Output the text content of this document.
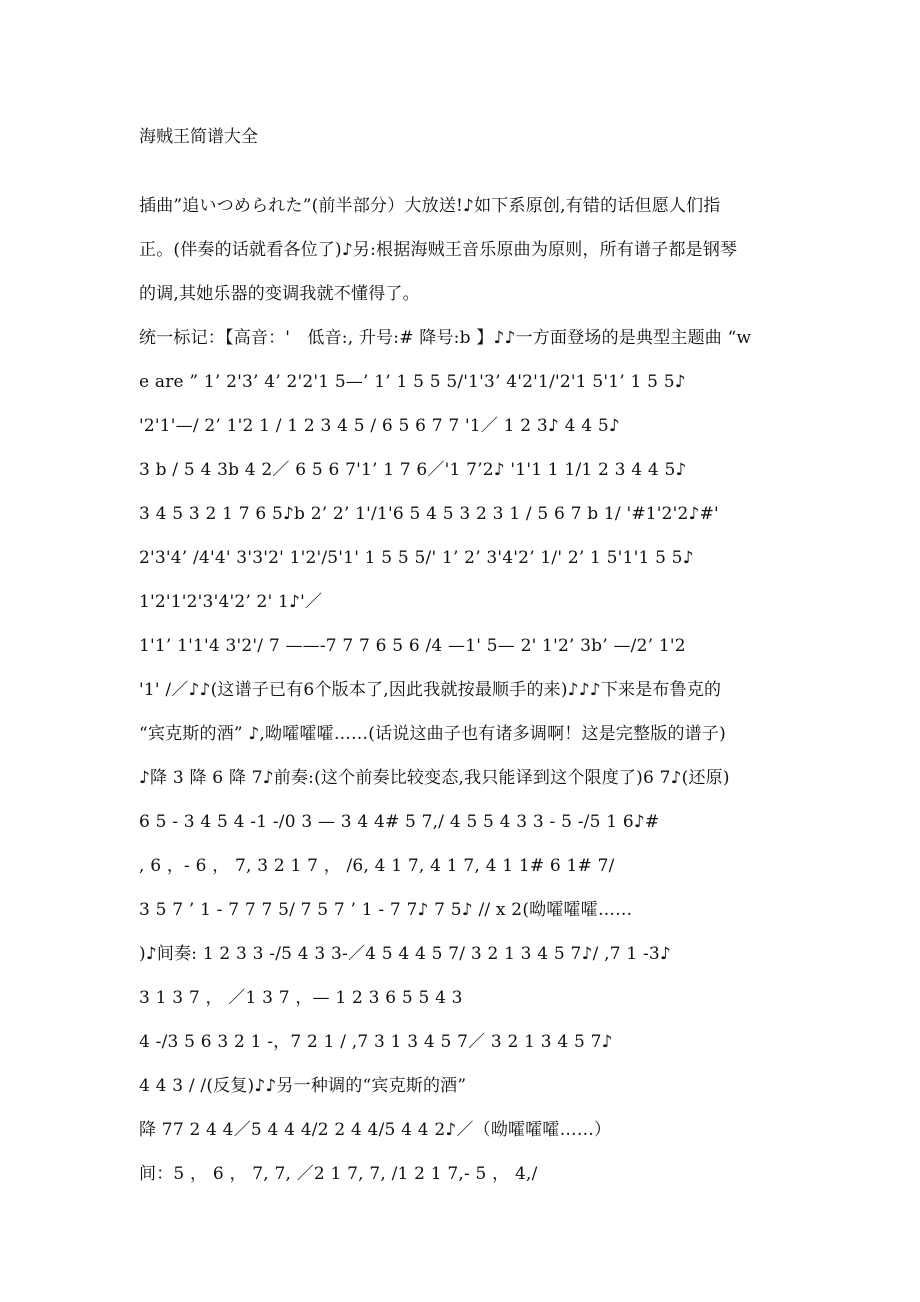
海贼王简谱大全
插曲”追いつめられた”(前半部分）大放送!♪如下系原创,有错的话但愿人们指
正。(伴奏的话就看各位了)♪另:根据海贼王音乐原曲为原则，所有谱子都是钢琴
的调,其她乐器的变调我就不懂得了。
统一标记：【高音：'　低音:, 升号:# 降号:b 】♪♪一方面登场的是典型主题曲 “w
e are ” 1’ 2'3’ 4’ 2'2'1 5—’ 1’ 1 5 5 5/'1'3’ 4'2'1/'2'1 5'1’ 1 5 5♪
'2'1'—/ 2’ 1'2 1 / 1 2 3 4 5 / 6 5 6 7 7 '1／ 1 2 3♪ 4 4 5♪
3 b / 5 4 3b 4 2／ 6 5 6 7'1’ 1 7 6／'1 7’2♪ '1'1 1 1/1 2 3 4 4 5♪
3 4 5 3 2 1 7 6 5♪b 2’ 2’ 1'/1'6 5 4 5 3 2 3 1 / 5 6 7 b 1/ '#1'2'2♪#'
2'3'4’ /4'4' 3'3'2' 1'2'/5'1' 1 5 5 5/' 1’ 2’ 3'4'2’ 1/' 2’ 1 5'1'1 5 5♪
1'2'1'2'3'4'2’ 2' 1♪'／
1'1’ 1'1'4 3'2'/ 7 ——-7 7 7 6 5 6 /4 —1' 5— 2' 1'2’ 3b’ —/2’ 1'2
'1' /／♪♪(这谱子已有6个版本了,因此我就按最顺手的来)♪♪♪下来是布鲁克的
“宾克斯的酒” ♪,呦嚯嚯嚯……(话说这曲子也有诸多调啊！这是完整版的谱子)
♪降 3 降 6 降 7♪前奏:(这个前奏比较变态,我只能译到这个限度了)6 7♪(还原)
6 5 - 3 4 5 4 -1 -/0 3 — 3 4 4# 5 7,/ 4 5 5 4 3 3 - 5 -/5 1 6♪#
, 6 ，- 6 ， 7, 3 2 1 7 ， /6, 4 1 7, 4 1 7, 4 1 1# 6 1# 7/
3 5 7 ’ 1 - 7 7 7 5/ 7 5 7 ’ 1 - 7 7♪ 7 5♪ // x 2(呦嚯嚯嚯……
)♪间奏: 1 2 3 3 -/5 4 3 3-／4 5 4 4 5 7/ 3 2 1 3 4 5 7♪/ ,7 1 -3♪
3 1 3 7 ， ／1 3 7 ，— 1 2 3 6 5 5 4 3
4 -/3 5 6 3 2 1 -，7 2 1 / ,7 3 1 3 4 5 7／ 3 2 1 3 4 5 7♪
4 4 3 / /(反复)♪♪另一种调的“宾克斯的酒”
降 77 2 4 4／5 4 4 4/2 2 4 4/5 4 4 2♪／（呦嚯嚯嚯……）
间：5 ， 6 ， 7, 7, ／2 1 7, 7, /1 2 1 7,- 5 ， 4,/
